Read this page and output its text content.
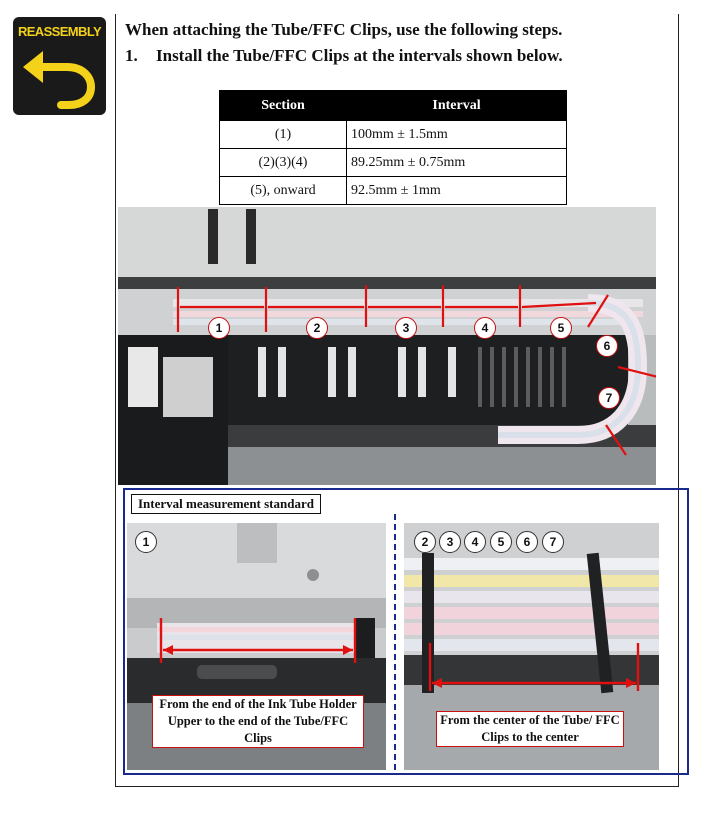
REASSEMBLY When attaching the Tube/FFC Clips, use the following steps.
1. Install the Tube/FFC Clips at the intervals shown below.
Section	Interval
(1)	100mm ± 1.5mm
(2)(3)(4)	89.25mm ± 0.75mm
(5), onward	92.5mm ± 1mm
1	2	3	4	5
6
7
Interval measurement standard
1
From the end of the Ink Tube Holder Upper to the end of the Tube/FFC Clips
2	3	4	5	6	7
From the center of the Tube/ FFC Clips to the center
